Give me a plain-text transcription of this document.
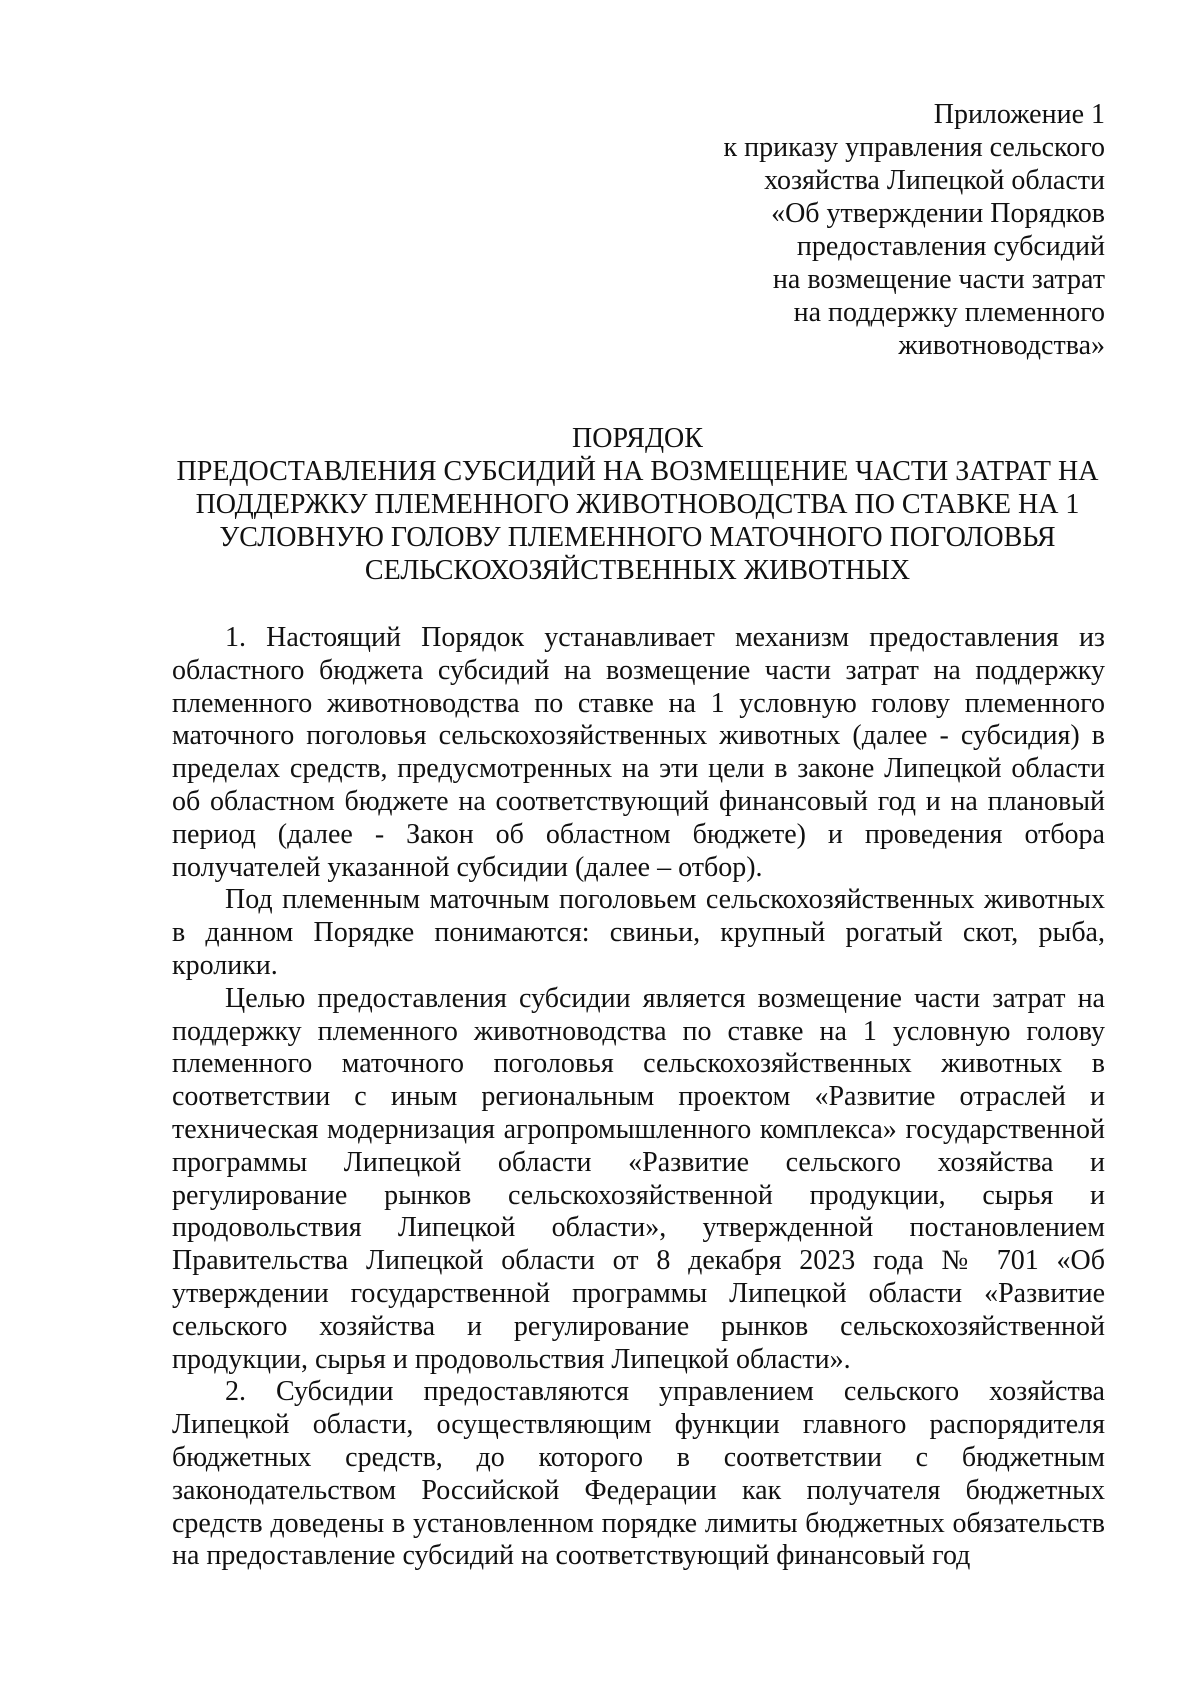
Приложение 1
к приказу управления сельского
хозяйства Липецкой области
«Об утверждении Порядков
предоставления субсидий
на возмещение части затрат
на поддержку племенного
животноводства»
ПОРЯДОК
ПРЕДОСТАВЛЕНИЯ СУБСИДИЙ НА ВОЗМЕЩЕНИЕ ЧАСТИ ЗАТРАТ НА
ПОДДЕРЖКУ ПЛЕМЕННОГО ЖИВОТНОВОДСТВА ПО СТАВКЕ НА 1
УСЛОВНУЮ ГОЛОВУ ПЛЕМЕННОГО МАТОЧНОГО ПОГОЛОВЬЯ
СЕЛЬСКОХОЗЯЙСТВЕННЫХ ЖИВОТНЫХ

1. Настоящий Порядок устанавливает механизм предоставления из областного бюджета субсидий на возмещение части затрат на поддержку племенного животноводства по ставке на 1 условную голову племенного маточного поголовья сельскохозяйственных животных (далее - субсидия) в пределах средств, предусмотренных на эти цели в законе Липецкой области об областном бюджете на соответствующий финансовый год и на плановый период (далее - Закон об областном бюджете) и проведения отбора получателей указанной субсидии (далее – отбор).

Под племенным маточным поголовьем сельскохозяйственных животных в данном Порядке понимаются: свиньи, крупный рогатый скот, рыба, кролики.

Целью предоставления субсидии является возмещение части затрат на поддержку племенного животноводства по ставке на 1 условную голову племенного маточного поголовья сельскохозяйственных животных в соответствии с иным региональным проектом «Развитие отраслей и техническая модернизация агропромышленного комплекса» государственной программы Липецкой области «Развитие сельского хозяйства и регулирование рынков сельскохозяйственной продукции, сырья и продовольствия Липецкой области», утвержденной постановлением Правительства Липецкой области от 8 декабря 2023 года № 701 «Об утверждении государственной программы Липецкой области «Развитие сельского хозяйства и регулирование рынков сельскохозяйственной продукции, сырья и продовольствия Липецкой области».

2. Субсидии предоставляются управлением сельского хозяйства Липецкой области, осуществляющим функции главного распорядителя бюджетных средств, до которого в соответствии с бюджетным законодательством Российской Федерации как получателя бюджетных средств доведены в установленном порядке лимиты бюджетных обязательств на предоставление субсидий на соответствующий финансовый год
